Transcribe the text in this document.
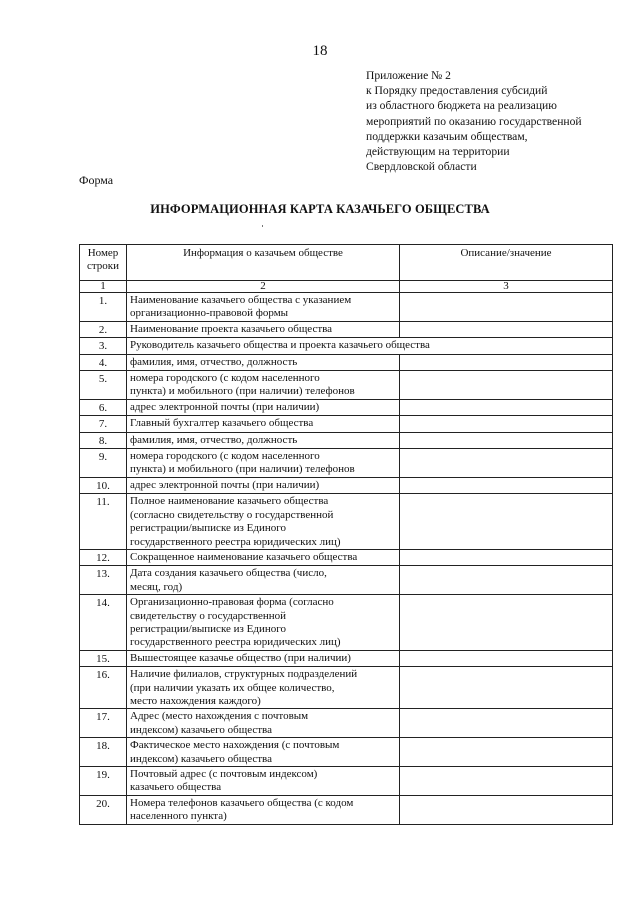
18
Приложение № 2
к Порядку предоставления субсидий
из областного бюджета на реализацию
мероприятий по оказанию государственной
поддержки казачьим обществам,
действующим на территории
Свердловской области
Форма
ИНФОРМАЦИОННАЯ КАРТА КАЗАЧЬЕГО ОБЩЕСТВА
Номер
строки	Информация о казачьем обществе	Описание/значение
1	2	3
1.	Наименование казачьего общества с указанием
организационно-правовой формы	

2.	Наименование проекта казачьего общества	

3.	Руководитель казачьего общества и проекта казачьего общества	
4.	фамилия, имя, отчество, должность	

5.	номера городского (с кодом населенного
пункта) и мобильного (при наличии) телефонов	

6.	адрес электронной почты (при наличии)	

7.	Главный бухгалтер казачьего общества	

8.	фамилия, имя, отчество, должность	

9.	номера городского (с кодом населенного
пункта) и мобильного (при наличии) телефонов	

10.	адрес электронной почты (при наличии)	

11.	Полное наименование казачьего общества
(согласно свидетельству о государственной
регистрации/выписке из Единого
государственного реестра юридических лиц)	

12.	Сокращенное наименование казачьего общества	

13.	Дата создания казачьего общества (число,
месяц, год)	

14.	Организационно-правовая форма (согласно
свидетельству о государственной
регистрации/выписке из Единого
государственного реестра юридических лиц)	

15.	Вышестоящее казачье общество (при наличии)	

16.	Наличие филиалов, структурных подразделений
(при наличии указать их общее количество,
место нахождения каждого)	

17.	Адрес (место нахождения с почтовым
индексом) казачьего общества	

18.	Фактическое место нахождения (с почтовым
индексом) казачьего общества	

19.	Почтовый адрес (с почтовым индексом)
казачьего общества	

20.	Номера телефонов казачьего общества (с кодом
населенного пункта)	
